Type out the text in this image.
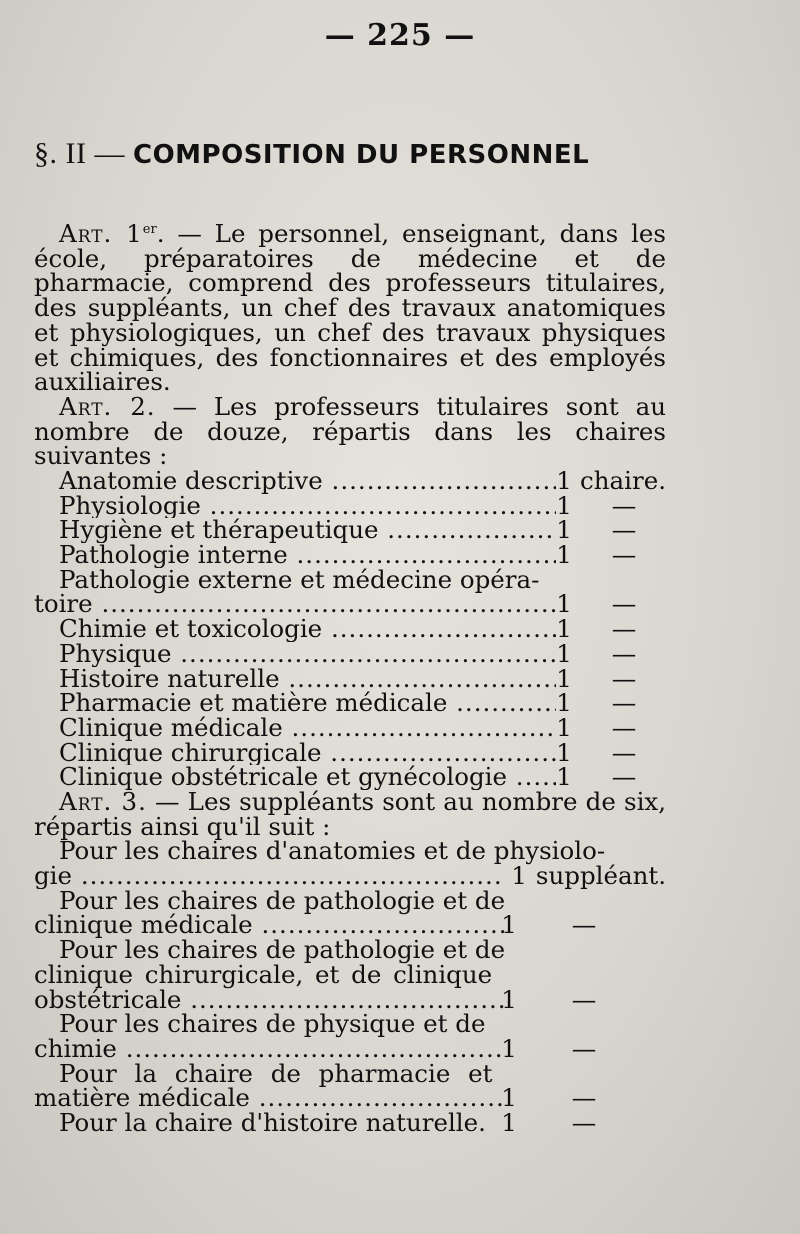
— 225 —
§. II — COMPOSITION DU PERSONNEL

Art. 1er. — Le personnel, enseignant, dans les école, préparatoires de médecine et de pharmacie, comprend des professeurs titulaires, des suppléants, un chef des travaux anatomiques et physiologiques, un chef des travaux physiques et chimiques, des fonctionnaires et des employés auxiliaires.

Art. 2. — Les professeurs titulaires sont au nombre de douze, répartis dans les chaires suivantes :

Anatomie descriptive .....	1 chaire.
Physiologie .....	1	—
Hygiène et thérapeutique .....	1	—
Pathologie interne .....	1	—
Pathologie externe et médecine opéra-
toire .....	1	—
Chimie et toxicologie .....	1	—
Physique .....	1	—
Histoire naturelle .....	1	—
Pharmacie et matière médicale .....	1	—
Clinique médicale .....	1	—
Clinique chirurgicale .....	1	—
Clinique obstétricale et gynécologie .....	1	—

Art. 3. — Les suppléants sont au nombre de six, répartis ainsi qu'il suit :

Pour les chaires d'anatomies et de physiolo-
gie .....	1 suppléant.
Pour les chaires de pathologie et de
clinique médicale .....	1	—
Pour les chaires de pathologie et de
clinique chirurgicale, et de clinique
obstétricale .....	1	—
Pour les chaires de physique et de
chimie .....	1	—
Pour la chaire de pharmacie et
matière médicale .....	1	—
Pour la chaire d'histoire naturelle. 1	—
